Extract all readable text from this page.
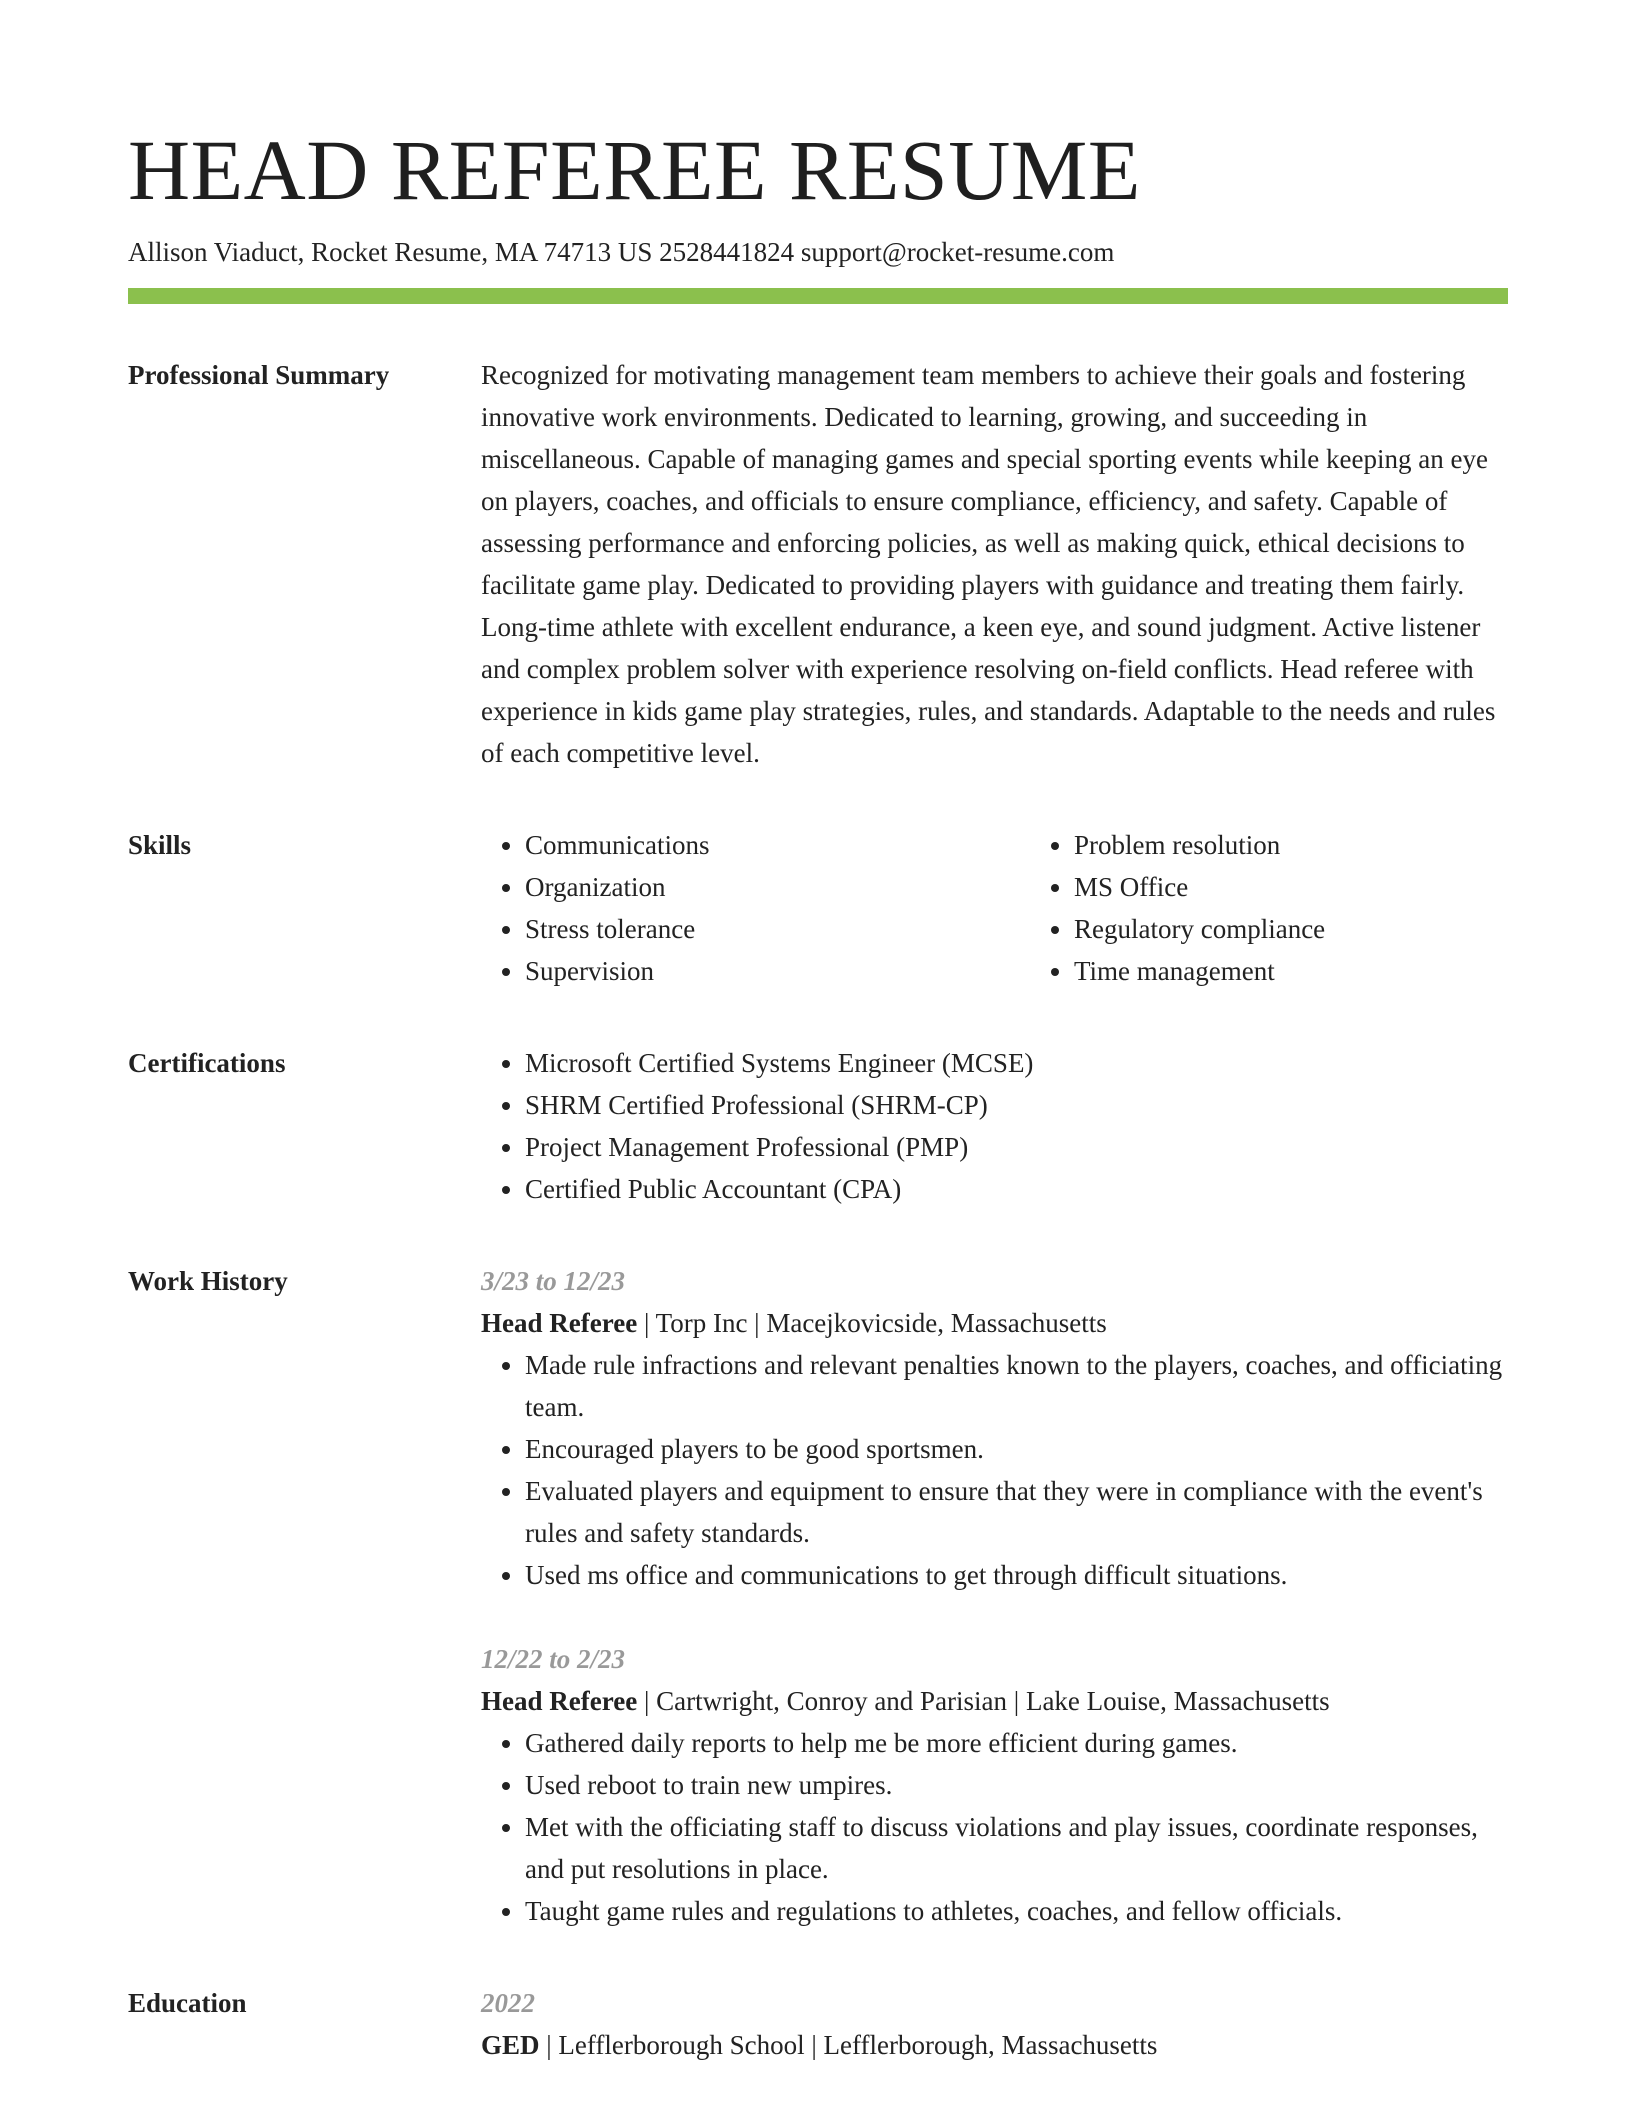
HEAD REFEREE RESUME
Allison Viaduct, Rocket Resume, MA 74713 US 2528441824 support@rocket-resume.com
Professional Summary	Recognized for motivating management team members to achieve their goals and fostering innovative work environments. Dedicated to learning, growing, and succeeding in miscellaneous. Capable of managing games and special sporting events while keeping an eye on players, coaches, and officials to ensure compliance, efficiency, and safety. Capable of assessing performance and enforcing policies, as well as making quick, ethical decisions to facilitate game play. Dedicated to providing players with guidance and treating them fairly. Long-time athlete with excellent endurance, a keen eye, and sound judgment. Active listener and complex problem solver with experience resolving on-field conflicts. Head referee with experience in kids game play strategies, rules, and standards. Adaptable to the needs and rules of each competitive level.

Skills	• Communications
• Organization
• Stress tolerance
• Supervision
• Problem resolution
• MS Office
• Regulatory compliance
• Time management
Certifications	• Microsoft Certified Systems Engineer (MCSE)
• SHRM Certified Professional (SHRM-CP)
• Project Management Professional (PMP)
• Certified Public Accountant (CPA)
Work History	3/23 to 12/23
Head Referee | Torp Inc | Macejkovicside, Massachusetts
• Made rule infractions and relevant penalties known to the players, coaches, and officiating team.
• Encouraged players to be good sportsmen.
• Evaluated players and equipment to ensure that they were in compliance with the event's rules and safety standards.
• Used ms office and communications to get through difficult situations.
12/22 to 2/23
Head Referee | Cartwright, Conroy and Parisian | Lake Louise, Massachusetts
• Gathered daily reports to help me be more efficient during games.
• Used reboot to train new umpires.
• Met with the officiating staff to discuss violations and play issues, coordinate responses, and put resolutions in place.
• Taught game rules and regulations to athletes, coaches, and fellow officials.
Education	2022
GED | Lefflerborough School | Lefflerborough, Massachusetts
